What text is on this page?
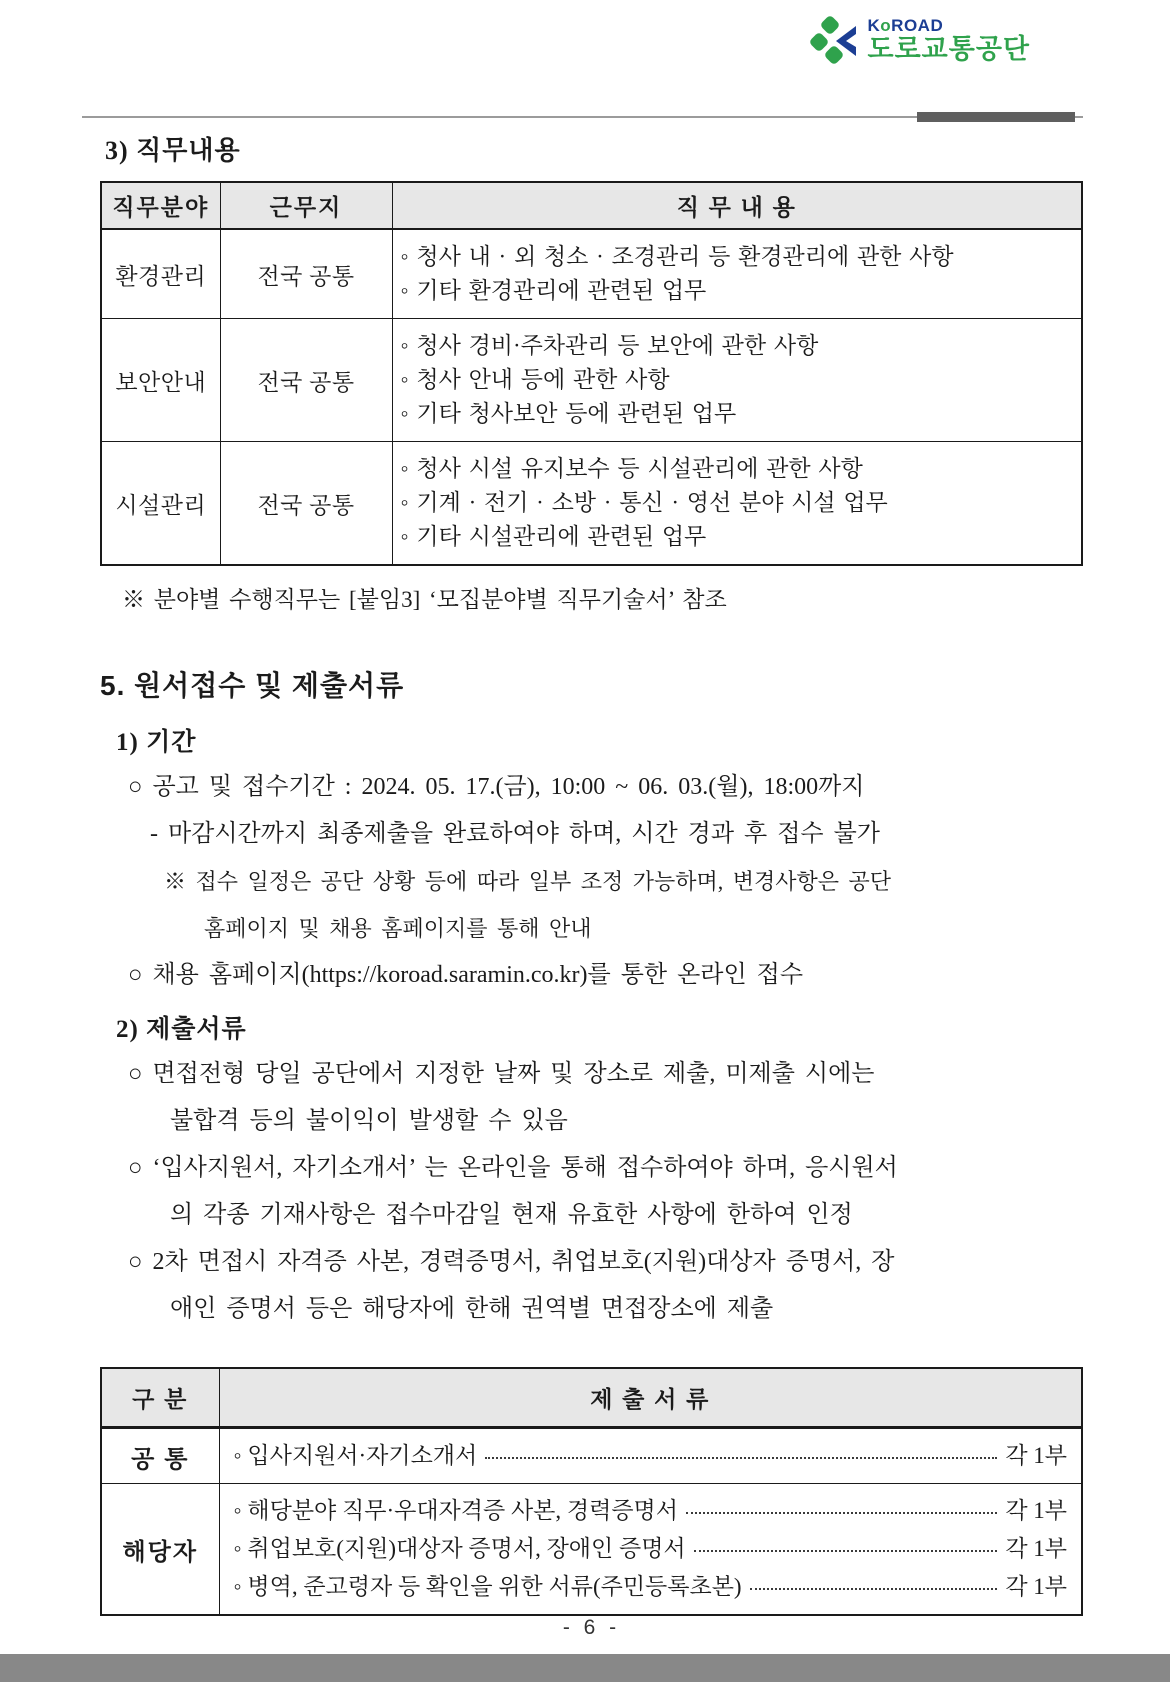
KoROAD
도로교통공단
3) 직무내용
직무분야	근무지	직 무 내 용
환경관리	전국 공통	◦ 청사 내 · 외 청소 · 조경관리 등 환경관리에 관한 사항
◦ 기타 환경관리에 관련된 업무

보안안내	전국 공통	◦ 청사 경비·주차관리 등 보안에 관한 사항
◦ 청사 안내 등에 관한 사항
◦ 기타 청사보안 등에 관련된 업무

시설관리	전국 공통	◦ 청사 시설 유지보수 등 시설관리에 관한 사항
◦ 기계 · 전기 · 소방 · 통신 · 영선 분야 시설 업무
◦ 기타 시설관리에 관련된 업무
※ 분야별 수행직무는 [붙임3] ‘모집분야별 직무기술서’ 참조
5. 원서접수 및 제출서류
1) 기간
○ 공고 및 접수기간 : 2024. 05. 17.(금), 10:00 ~ 06. 03.(월), 18:00까지
- 마감시간까지 최종제출을 완료하여야 하며, 시간 경과 후 접수 불가
※ 접수 일정은 공단 상황 등에 따라 일부 조정 가능하며, 변경사항은 공단
홈페이지 및 채용 홈페이지를 통해 안내
○ 채용 홈페이지(https://koroad.saramin.co.kr)를 통한 온라인 접수
2) 제출서류
○ 면접전형 당일 공단에서 지정한 날짜 및 장소로 제출, 미제출 시에는
불합격 등의 불이익이 발생할 수 있음
○ ‘입사지원서, 자기소개서’ 는 온라인을 통해 접수하여야 하며, 응시원서
의 각종 기재사항은 접수마감일 현재 유효한 사항에 한하여 인정
○ 2차 면접시 자격증 사본, 경력증명서, 취업보호(지원)대상자 증명서, 장
애인 증명서 등은 해당자에 한해 권역별 면접장소에 제출
구 분	제 출 서 류
공 통	◦ 입사지원서·자기소개서 각 1부

해당자	
◦ 해당분야 직무·우대자격증 사본, 경력증명서	각 1부
◦ 취업보호(지원)대상자 증명서, 장애인 증명서	각 1부
◦ 병역, 준고령자 등 확인을 위한 서류(주민등록초본)	각 1부
- 6 -
